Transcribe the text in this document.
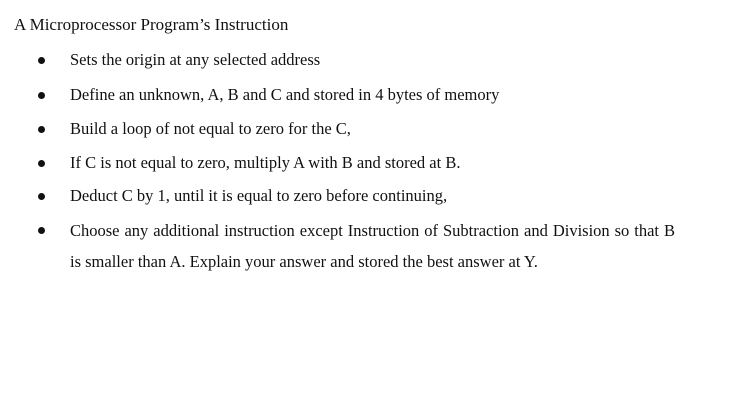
A Microprocessor Program’s Instruction
Sets the origin at any selected address
Define an unknown, A, B and C and stored in 4 bytes of memory
Build a loop of not equal to zero for the C,
If C is not equal to zero, multiply A with B and stored at B.
Deduct C by 1, until it is equal to zero before continuing,
Choose any additional instruction except Instruction of Subtraction and Division so that B is smaller than A. Explain your answer and stored the best answer at Y.
